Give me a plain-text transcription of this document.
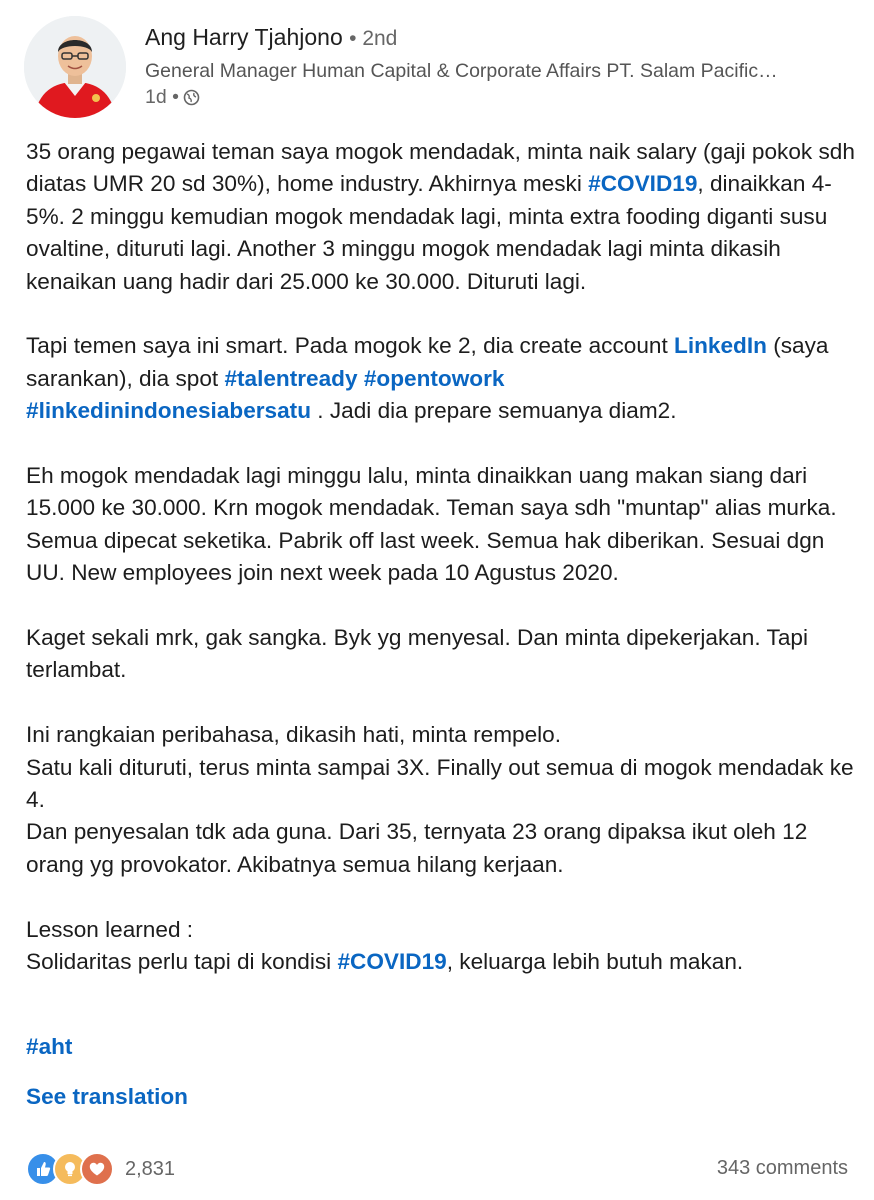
Ang Harry Tjahjono • 2nd
General Manager Human Capital & Corporate Affairs PT. Salam Pacific…
1d •

35 orang pegawai teman saya mogok mendadak, minta naik salary (gaji pokok sdh diatas UMR 20 sd 30%), home industry. Akhirnya meski #COVID19, dinaikkan 4-5%. 2 minggu kemudian mogok mendadak lagi, minta extra fooding diganti susu ovaltine, dituruti lagi. Another 3 minggu mogok mendadak lagi minta dikasih kenaikan uang hadir dari 25.000 ke 30.000. Dituruti lagi.

Tapi temen saya ini smart. Pada mogok ke 2, dia create account LinkedIn (saya sarankan), dia spot #talentready #opentowork
#linkedinindonesiabersatu . Jadi dia prepare semuanya diam2.

Eh mogok mendadak lagi minggu lalu, minta dinaikkan uang makan siang dari 15.000 ke 30.000. Krn mogok mendadak. Teman saya sdh "muntap" alias murka. Semua dipecat seketika. Pabrik off last week. Semua hak diberikan. Sesuai dgn UU. New employees join next week pada 10 Agustus 2020.

Kaget sekali mrk, gak sangka. Byk yg menyesal. Dan minta dipekerjakan. Tapi terlambat.

Ini rangkaian peribahasa, dikasih hati, minta rempelo.

Satu kali dituruti, terus minta sampai 3X. Finally out semua di mogok mendadak ke 4.

Dan penyesalan tdk ada guna. Dari 35, ternyata 23 orang dipaksa ikut oleh 12 orang yg provokator. Akibatnya semua hilang kerjaan.

Lesson learned :

Solidaritas perlu tapi di kondisi #COVID19, keluarga lebih butuh makan.

#aht
See translation
2,831	343 comments
